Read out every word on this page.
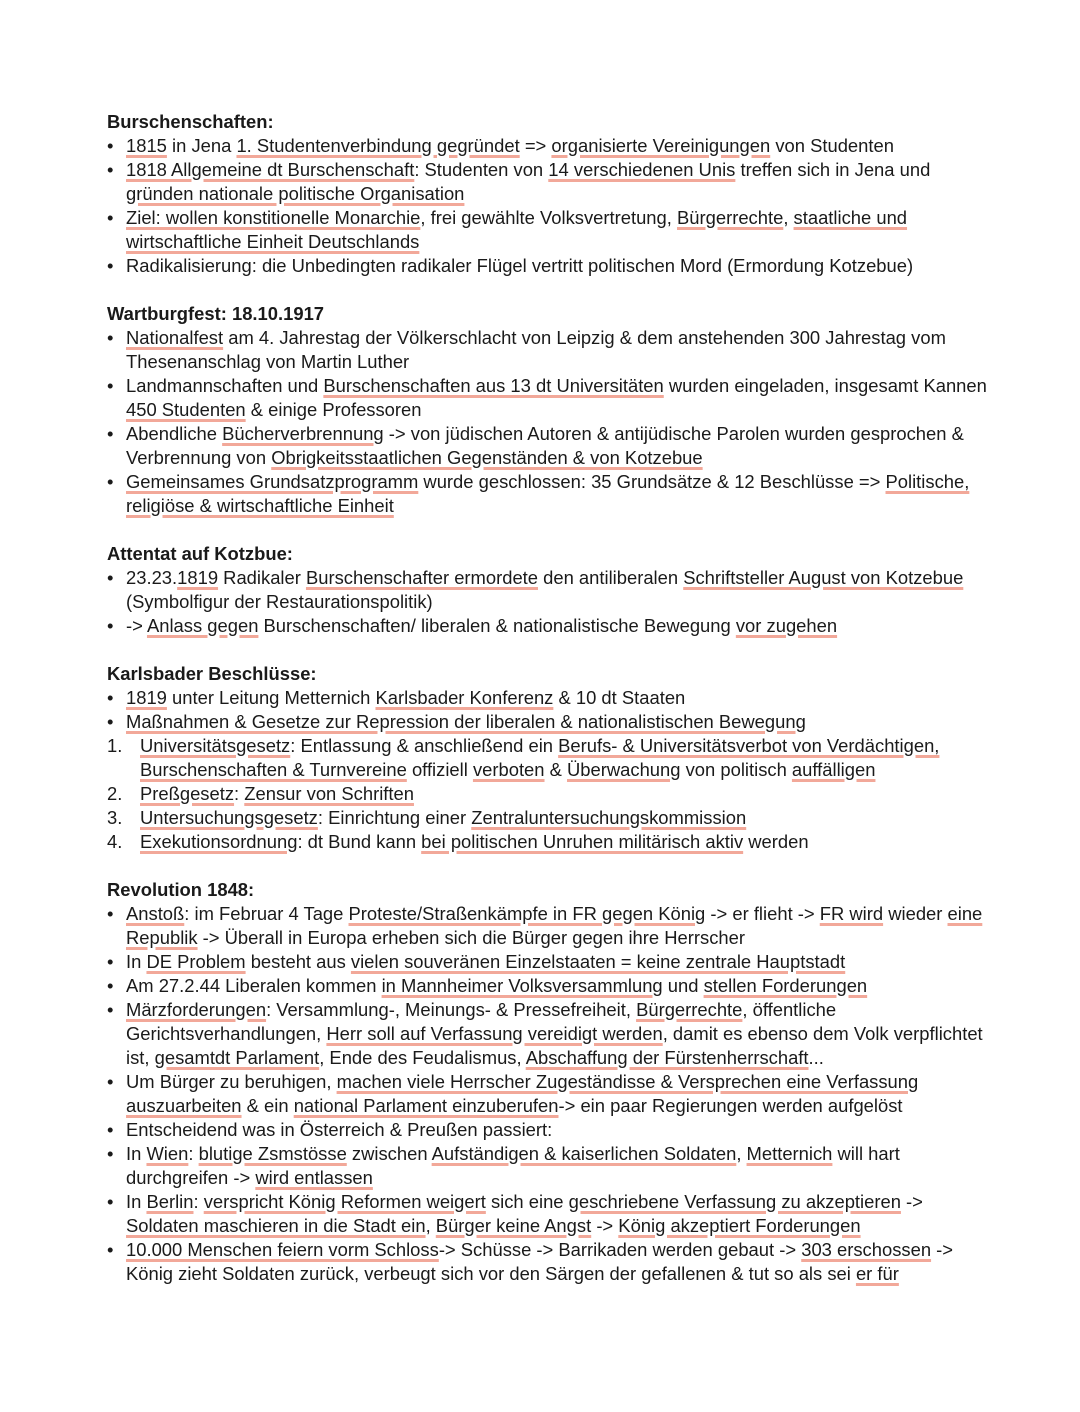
Burschenschaften:
• 1815 in Jena 1. Studentenverbindung gegründet => organisierte Vereinigungen von Studenten
• 1818 Allgemeine dt Burschenschaft: Studenten von 14 verschiedenen Unis treffen sich in Jena und gründen nationale politische Organisation
• Ziel: wollen konstitionelle Monarchie, frei gewählte Volksvertretung, Bürgerrechte, staatliche und wirtschaftliche Einheit Deutschlands
• Radikalisierung: die Unbedingten radikaler Flügel vertritt politischen Mord (Ermordung Kotzebue)
Wartburgfest: 18.10.1917
• Nationalfest am 4. Jahrestag der Völkerschlacht von Leipzig & dem anstehenden 300 Jahrestag vom Thesenanschlag von Martin Luther
• Landmannschaften und Burschenschaften aus 13 dt Universitäten wurden eingeladen, insgesamt Kannen 450 Studenten & einige Professoren
• Abendliche Bücherverbrennung -> von jüdischen Autoren & antijüdische Parolen wurden gesprochen & Verbrennung von Obrigkeitsstaatlichen Gegenständen & von Kotzebue
• Gemeinsames Grundsatzprogramm wurde geschlossen: 35 Grundsätze & 12 Beschlüsse => Politische, religiöse & wirtschaftliche Einheit
Attentat auf Kotzbue:
• 23.23.1819 Radikaler Burschenschafter ermordete den antiliberalen Schriftsteller August von Kotzebue (Symbolfigur der Restaurationspolitik)
• -> Anlass gegen Burschenschaften/ liberalen & nationalistische Bewegung vor zugehen
Karlsbader Beschlüsse:
• 1819 unter Leitung Metternich Karlsbader Konferenz & 10 dt Staaten
• Maßnahmen & Gesetze zur Repression der liberalen & nationalistischen Bewegung
1. Universitätsgesetz: Entlassung & anschließend ein Berufs- & Universitätsverbot von Verdächtigen, Burschenschaften & Turnvereine offiziell verboten & Überwachung von politisch auffälligen
2. Preßgesetz: Zensur von Schriften
3. Untersuchungsgesetz: Einrichtung einer Zentraluntersuchungskommission
4. Exekutionsordnung: dt Bund kann bei politischen Unruhen militärisch aktiv werden
Revolution 1848:
• Anstoß: im Februar 4 Tage Proteste/Straßenkämpfe in FR gegen König -> er flieht -> FR wird wieder eine Republik -> Überall in Europa erheben sich die Bürger gegen ihre Herrscher
• In DE Problem besteht aus vielen souveränen Einzelstaaten = keine zentrale Hauptstadt
• Am 27.2.44 Liberalen kommen in Mannheimer Volksversammlung und stellen Forderungen
• Märzforderungen: Versammlung-, Meinungs- & Pressefreiheit, Bürgerrechte, öffentliche Gerichtsverhandlungen, Herr soll auf Verfassung vereidigt werden, damit es ebenso dem Volk verpflichtet ist, gesamtdt Parlament, Ende des Feudalismus, Abschaffung der Fürstenherrschaft...
• Um Bürger zu beruhigen, machen viele Herrscher Zugeständisse & Versprechen eine Verfassung auszuarbeiten & ein national Parlament einzuberufen-> ein paar Regierungen werden aufgelöst
• Entscheidend was in Österreich & Preußen passiert:
• In Wien: blutige Zsmstösse zwischen Aufständigen & kaiserlichen Soldaten, Metternich will hart durchgreifen -> wird entlassen
• In Berlin: verspricht König Reformen weigert sich eine geschriebene Verfassung zu akzeptieren -> Soldaten maschieren in die Stadt ein, Bürger keine Angst -> König akzeptiert Forderungen
• 10.000 Menschen feiern vorm Schloss-> Schüsse -> Barrikaden werden gebaut -> 303 erschossen -> König zieht Soldaten zurück, verbeugt sich vor den Särgen der gefallenen & tut so als sei er für
